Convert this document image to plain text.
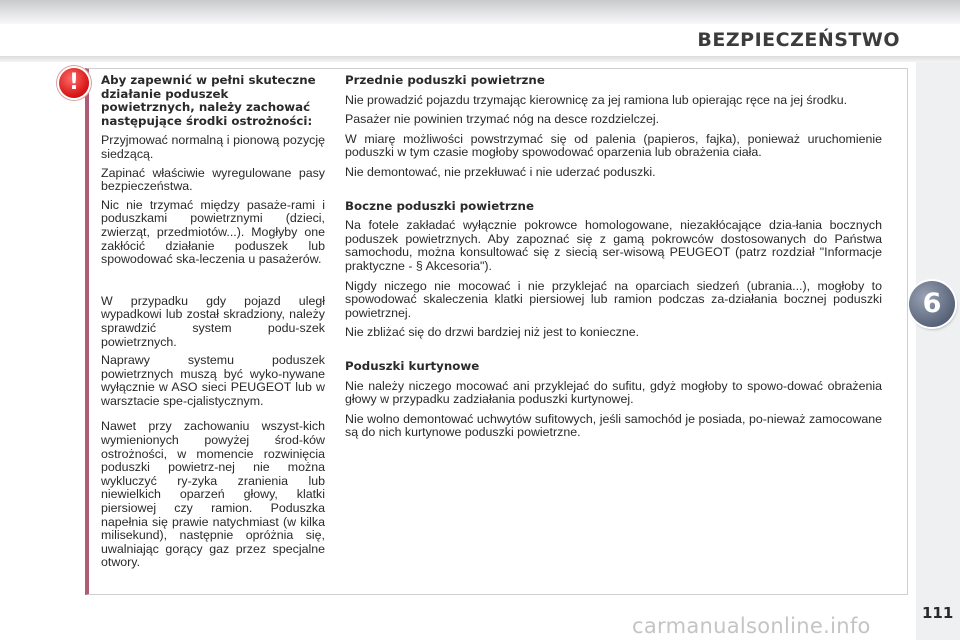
BEZPIECZEŃSTWO
6
!	Aby zapewnić w pełni skuteczne działanie poduszek powietrznych, należy zachować następujące środki ostrożności:

Przyjmować normalną i pionową pozycję siedzącą.

Zapinać właściwie wyregulowane pasy bezpieczeństwa.

Nic nie trzymać między pasaże-rami i poduszkami powietrznymi (dzieci, zwierząt, przedmiotów...). Mogłyby one zakłócić działanie poduszek lub spowodować ska-leczenia u pasażerów.

W przypadku gdy pojazd uległ wypadkowi lub został skradziony, należy sprawdzić system podu-szek powietrznych.

Naprawy systemu poduszek powietrznych muszą być wyko-nywane wyłącznie w ASO sieci PEUGEOT lub w warsztacie spe-cjalistycznym.

Nawet przy zachowaniu wszyst-kich wymienionych powyżej środ-ków ostrożności, w momencie rozwinięcia poduszki powietrz-nej nie można wykluczyć ry-zyka zranienia lub niewielkich oparzeń głowy, klatki piersiowej czy ramion. Poduszka napełnia się prawie natychmiast (w kilka milisekund), następnie opróżnia się, uwalniając gorący gaz przez specjalne otwory.

Przednie poduszki powietrzne

Nie prowadzić pojazdu trzymając kierownicę za jej ramiona lub opierając ręce na jej środku.

Pasażer nie powinien trzymać nóg na desce rozdzielczej.

W miarę możliwości powstrzymać się od palenia (papieros, fajka), ponieważ uruchomienie poduszki w tym czasie mogłoby spowodować oparzenia lub obrażenia ciała.

Nie demontować, nie przekłuwać i nie uderzać poduszki.

Boczne poduszki powietrzne

Na fotele zakładać wyłącznie pokrowce homologowane, niezakłócające dzia-łania bocznych poduszek powietrznych. Aby zapoznać się z gamą pokrowców dostosowanych do Państwa samochodu, można konsultować się z siecią ser-wisową PEUGEOT (patrz rozdział "Informacje praktyczne - § Akcesoria").

Nigdy niczego nie mocować i nie przyklejać na oparciach siedzeń (ubrania...), mogłoby to spowodować skaleczenia klatki piersiowej lub ramion podczas za-działania bocznej poduszki powietrznej.

Nie zbliżać się do drzwi bardziej niż jest to konieczne.

Poduszki kurtynowe

Nie należy niczego mocować ani przyklejać do sufitu, gdyż mogłoby to spowo-dować obrażenia głowy w przypadku zadziałania poduszki kurtynowej.

Nie wolno demontować uchwytów sufitowych, jeśli samochód je posiada, po-nieważ zamocowane są do nich kurtynowe poduszki powietrzne.

carmanualsonline.info
111
